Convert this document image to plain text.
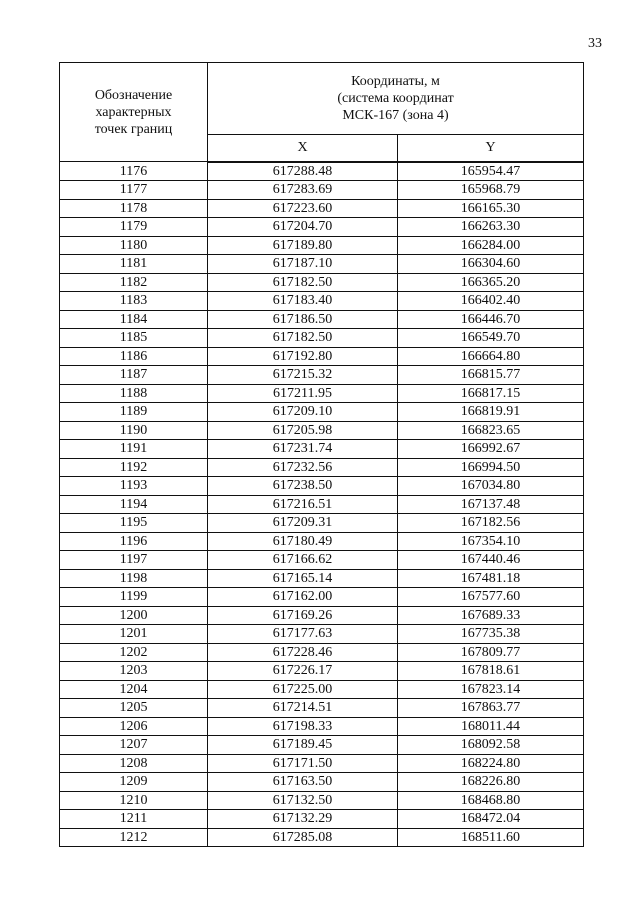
33
Обозначение
характерных
точек границ	Координаты, м
(система координат
МСК-167 (зона 4)	

	X	Y
1176	617288.48	165954.47
1177	617283.69	165968.79
1178	617223.60	166165.30
1179	617204.70	166263.30
1180	617189.80	166284.00
1181	617187.10	166304.60
1182	617182.50	166365.20
1183	617183.40	166402.40
1184	617186.50	166446.70
1185	617182.50	166549.70
1186	617192.80	166664.80
1187	617215.32	166815.77
1188	617211.95	166817.15
1189	617209.10	166819.91
1190	617205.98	166823.65
1191	617231.74	166992.67
1192	617232.56	166994.50
1193	617238.50	167034.80
1194	617216.51	167137.48
1195	617209.31	167182.56
1196	617180.49	167354.10
1197	617166.62	167440.46
1198	617165.14	167481.18
1199	617162.00	167577.60
1200	617169.26	167689.33
1201	617177.63	167735.38
1202	617228.46	167809.77
1203	617226.17	167818.61
1204	617225.00	167823.14
1205	617214.51	167863.77
1206	617198.33	168011.44
1207	617189.45	168092.58
1208	617171.50	168224.80
1209	617163.50	168226.80
1210	617132.50	168468.80
1211	617132.29	168472.04
1212	617285.08	168511.60
